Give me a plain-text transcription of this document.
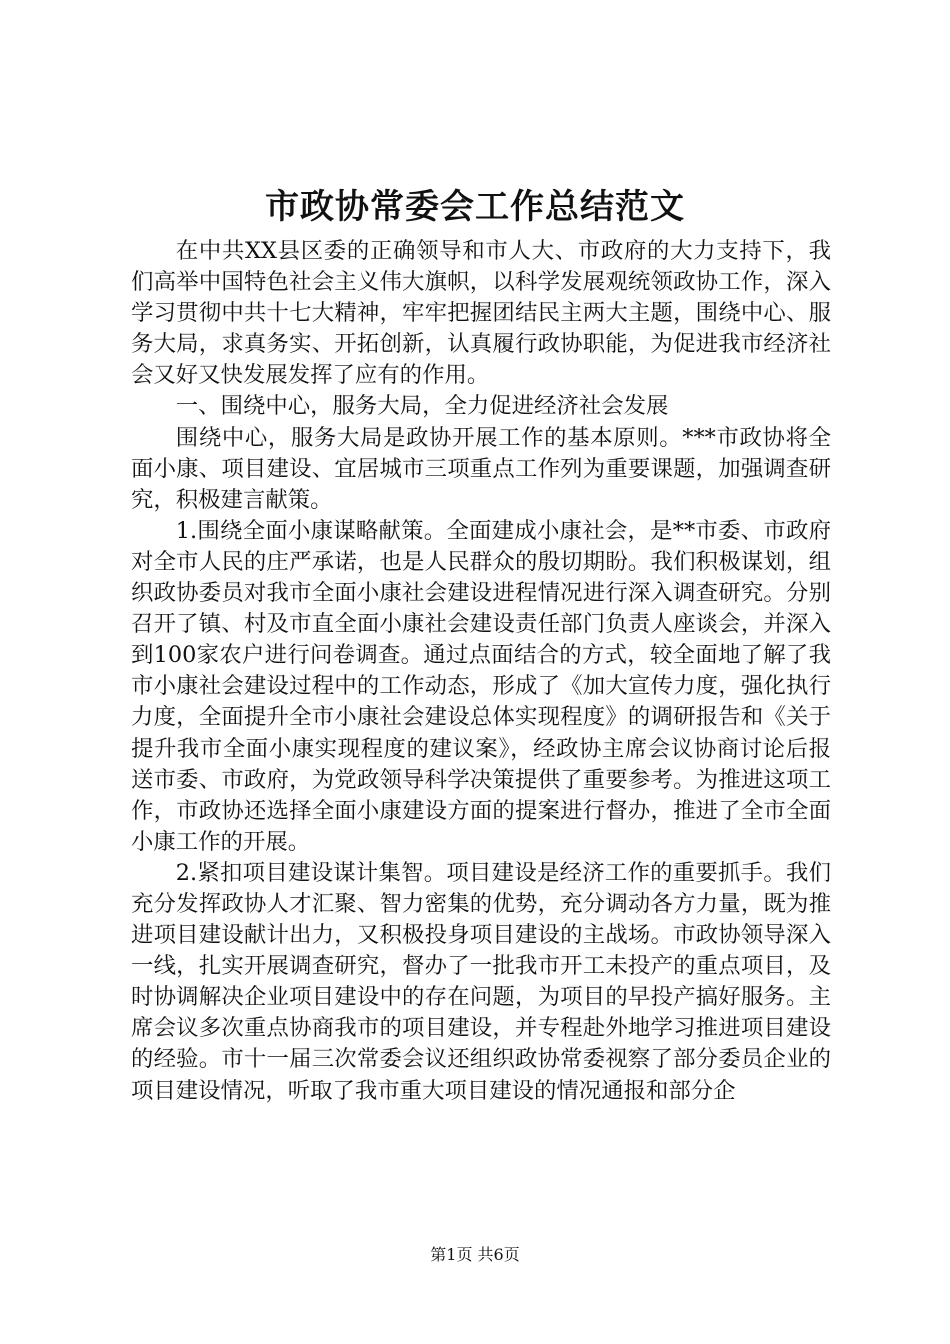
市政协常委会工作总结范文

在中共XX县区委的正确领导和市人大、市政府的大力支持下，我们高举中国特色社会主义伟大旗帜，以科学发展观统领政协工作，深入学习贯彻中共十七大精神，牢牢把握团结民主两大主题，围绕中心、服务大局，求真务实、开拓创新，认真履行政协职能，为促进我市经济社会又好又快发展发挥了应有的作用。

一、围绕中心，服务大局，全力促进经济社会发展

围绕中心，服务大局是政协开展工作的基本原则。***市政协将全面小康、项目建设、宜居城市三项重点工作列为重要课题，加强调查研究，积极建言献策。

1.围绕全面小康谋略献策。全面建成小康社会，是**市委、市政府对全市人民的庄严承诺，也是人民群众的殷切期盼。我们积极谋划，组织政协委员对我市全面小康社会建设进程情况进行深入调查研究。分别召开了镇、村及市直全面小康社会建设责任部门负责人座谈会，并深入到100家农户进行问卷调查。通过点面结合的方式，较全面地了解了我市小康社会建设过程中的工作动态，形成了《加大宣传力度，强化执行力度，全面提升全市小康社会建设总体实现程度》的调研报告和《关于提升我市全面小康实现程度的建议案》，经政协主席会议协商讨论后报送市委、市政府，为党政领导科学决策提供了重要参考。为推进这项工作，市政协还选择全面小康建设方面的提案进行督办，推进了全市全面小康工作的开展。

2.紧扣项目建设谋计集智。项目建设是经济工作的重要抓手。我们充分发挥政协人才汇聚、智力密集的优势，充分调动各方力量，既为推进项目建设献计出力，又积极投身项目建设的主战场。市政协领导深入一线，扎实开展调查研究，督办了一批我市开工未投产的重点项目，及时协调解决企业项目建设中的存在问题，为项目的早投产搞好服务。主席会议多次重点协商我市的项目建设，并专程赴外地学习推进项目建设的经验。市十一届三次常委会议还组织政协常委视察了部分委员企业的项目建设情况，听取了我市重大项目建设的情况通报和部分企

第1页 共6页
